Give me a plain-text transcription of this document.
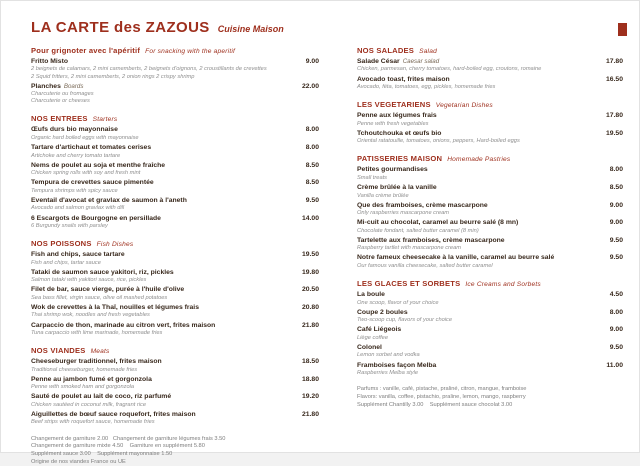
LA CARTE des ZAZOUS Cuisine Maison
Pour grignoter avec l'apéritif For snacking with the aperitif
Fritto Misto	9.00
2 beignets de calamars, 2 mini camemberts, 2 beignets d'oignons, 2 croustillants de crevettes
2 Squid fritters, 2 mini camemberts, 2 onion rings 2 crispy shrimp
Planches Boards	22.00
Charcuterie ou fromages
Charcuterie or cheeses
NOS ENTREES Starters
Œufs durs bio mayonnaise	8.00
Organic hard boiled eggs with mayonnaise
Tartare d'artichaut et tomates cerises	8.00
Artichoke and cherry tomato tartare
Nems de poulet au soja et menthe fraîche	8.50
Chicken spring rolls with soy and fresh mint
Tempura de crevettes sauce pimentée	8.50
Tempura shrimps with spicy sauce
Eventail d'avocat et gravlax de saumon à l'aneth	9.50
Avocado and salmon gravlax with dill
6 Escargots de Bourgogne en persillade	14.00
6 Burgundy snails with parsley
NOS POISSONS Fish Dishes
Fish and chips, sauce tartare	19.50
Fish and chips, tartar sauce
Tataki de saumon sauce yakitori, riz, pickles	19.80
Salmon tataki with yakitori sauce, rice, pickles
Filet de bar, sauce vierge, purée à l'huile d'olive	20.50
Sea bass fillet, virgin sauce, olive oil mashed potatoes
Wok de crevettes à la Thaï, nouilles et légumes frais	20.80
Thai shrimp wok, noodles and fresh vegetables
Carpaccio de thon, marinade au citron vert, frites maison	21.80
Tuna carpaccio with lime marinade, homemade fries
NOS VIANDES Meats
Cheeseburger traditionnel, frites maison	18.50
Traditional cheeseburger, homemade fries
Penne au jambon fumé et gorgonzola	18.80
Penne with smoked ham and gorgonzola
Sauté de poulet au lait de coco, riz parfumé	19.20
Chicken sautéed in coconut milk, fragrant rice
Aiguillettes de bœuf sauce roquefort, frites maison	21.80
Beef strips with roquefort sauce, homemade fries
Changement de garniture 2.00   Changement de garniture légumes frais 3.50
Changement de garniture mixte 4.50    Garniture en supplément 5.80
Supplément sauce 3.00    Supplément mayonnaise 1.50
Origine de nos viandes France ou UE
NOS SALADES Salad
Salade César Caesar salad	17.80
Chicken, parmesan, cherry tomatoes, hard-boiled egg, croutons, romaine
Avocado toast, frites maison	16.50
Avocado, féta, tomatoes, egg, pickles, homemade fries
LES VEGETARIENS Vegetarian Dishes
Penne aux légumes frais	17.80
Penne with fresh vegetables
Tchoutchouka et œufs bio	19.50
Oriental ratatouille, tomatoes, onions, peppers, Hard-boiled eggs
PATISSERIES MAISON Homemade Pastries
Petites gourmandises	8.00
Small treats
Crème brûlée à la vanille	8.50
Vanilla crème brûlée
Que des framboises, crème mascarpone	9.00
Only raspberries mascarpone cream
Mi-cuit au chocolat, caramel au beurre salé (8 mn)	9.00
Chocolate fondant, salted butter caramel (8 min)
Tartelette aux framboises, crème mascarpone	9.50
Raspberry tartlet with mascarpone cream
Notre fameux cheesecake à la vanille, caramel au beurre salé	9.50
Our famous vanilla cheesecake, salted butter caramel
LES GLACES ET SORBETS Ice Creams and Sorbets
La boule	4.50
One scoop, flavor of your choice
Coupe 2 boules	8.00
Two-scoop cup, flavors of your choice
Café Liégeois	9.00
Liège coffee
Colonel	9.50
Lemon sorbet and vodka
Framboises façon Melba	11.00
Raspberries Melba style
Parfums : vanille, café, pistache, praliné, citron, mangue, framboise
Flavors: vanilla, coffee, pistachio, praline, lemon, mango, raspberry
Supplément Chantilly 3.00    Supplément sauce chocolat 3.00
